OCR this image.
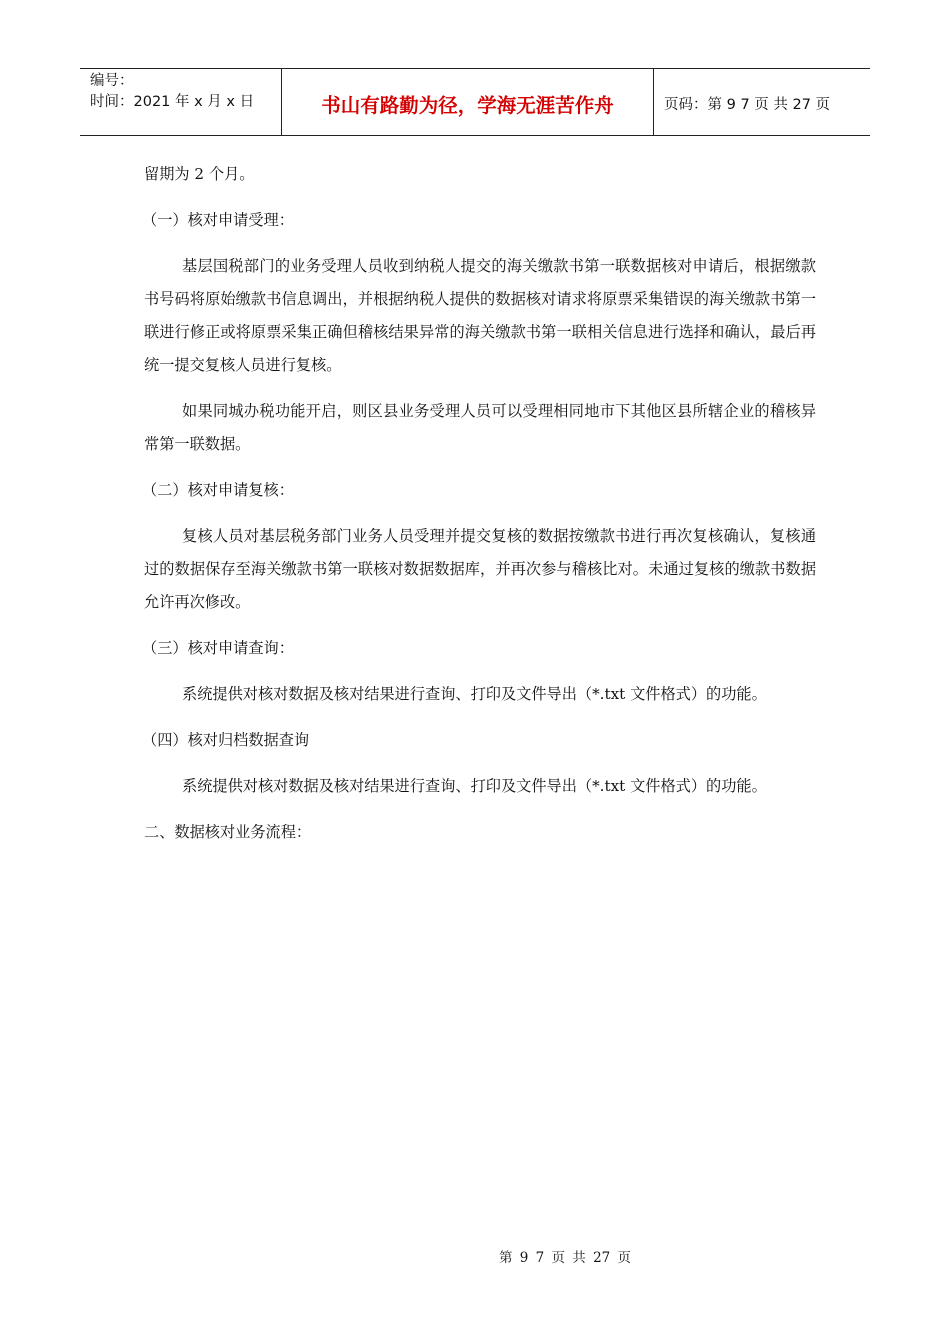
编号：
时间：2021 年 x 月 x 日	书山有路勤为径，学海无涯苦作舟	页码：第 9 7 页 共 27 页

留期为 2 个月。

（一）核对申请受理：

基层国税部门的业务受理人员收到纳税人提交的海关缴款书第一联数据核对申请后，根据缴款书号码将原始缴款书信息调出，并根据纳税人提供的数据核对请求将原票采集错误的海关缴款书第一联进行修正或将原票采集正确但稽核结果异常的海关缴款书第一联相关信息进行选择和确认，最后再统一提交复核人员进行复核。

如果同城办税功能开启，则区县业务受理人员可以受理相同地市下其他区县所辖企业的稽核异常第一联数据。

（二）核对申请复核：

复核人员对基层税务部门业务人员受理并提交复核的数据按缴款书进行再次复核确认，复核通过的数据保存至海关缴款书第一联核对数据数据库，并再次参与稽核比对。未通过复核的缴款书数据允许再次修改。

（三）核对申请查询：

系统提供对核对数据及核对结果进行查询、打印及文件导出（*.txt 文件格式）的功能。

（四）核对归档数据查询

系统提供对核对数据及核对结果进行查询、打印及文件导出（*.txt 文件格式）的功能。

二、数据核对业务流程：

第 9 7 页 共 27 页
